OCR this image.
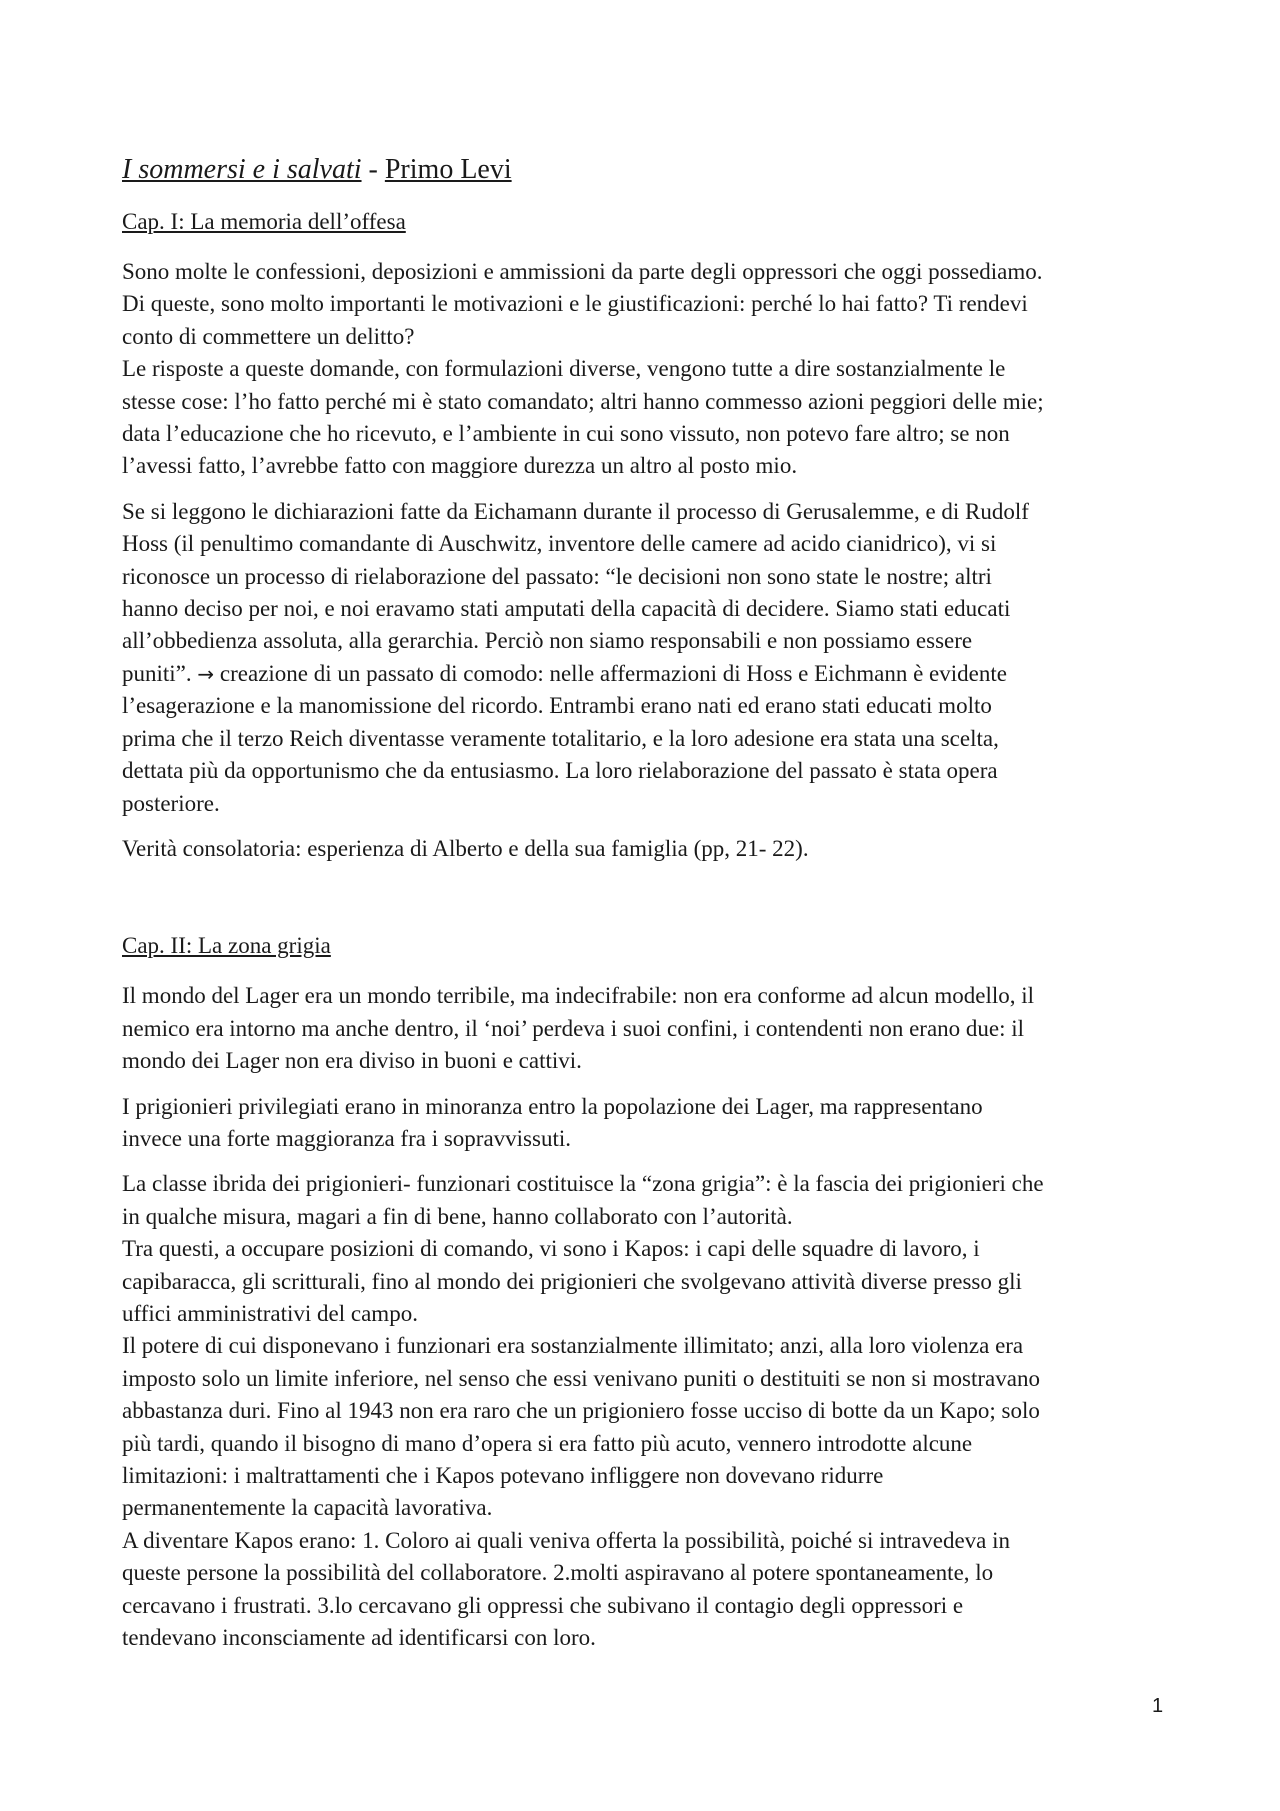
I sommersi e i salvati - Primo Levi
Cap. I: La memoria dell’offesa

Sono molte le confessioni, deposizioni e ammissioni da parte degli oppressori che oggi possediamo.
Di queste, sono molto importanti le motivazioni e le giustificazioni: perché lo hai fatto? Ti rendevi
conto di commettere un delitto?
Le risposte a queste domande, con formulazioni diverse, vengono tutte a dire sostanzialmente le
stesse cose: l’ho fatto perché mi è stato comandato; altri hanno commesso azioni peggiori delle mie;
data l’educazione che ho ricevuto, e l’ambiente in cui sono vissuto, non potevo fare altro; se non
l’avessi fatto, l’avrebbe fatto con maggiore durezza un altro al posto mio.

Se si leggono le dichiarazioni fatte da Eichamann durante il processo di Gerusalemme, e di Rudolf
Hoss (il penultimo comandante di Auschwitz, inventore delle camere ad acido cianidrico), vi si
riconosce un processo di rielaborazione del passato: “le decisioni non sono state le nostre; altri
hanno deciso per noi, e noi eravamo stati amputati della capacità di decidere. Siamo stati educati
all’obbedienza assoluta, alla gerarchia. Perciò non siamo responsabili e non possiamo essere
puniti”. → creazione di un passato di comodo: nelle affermazioni di Hoss e Eichmann è evidente
l’esagerazione e la manomissione del ricordo. Entrambi erano nati ed erano stati educati molto
prima che il terzo Reich diventasse veramente totalitario, e la loro adesione era stata una scelta,
dettata più da opportunismo che da entusiasmo. La loro rielaborazione del passato è stata opera
posteriore.

Verità consolatoria: esperienza di Alberto e della sua famiglia (pp, 21- 22).

Cap. II: La zona grigia

Il mondo del Lager era un mondo terribile, ma indecifrabile: non era conforme ad alcun modello, il
nemico era intorno ma anche dentro, il ‘noi’ perdeva i suoi confini, i contendenti non erano due: il
mondo dei Lager non era diviso in buoni e cattivi.

I prigionieri privilegiati erano in minoranza entro la popolazione dei Lager, ma rappresentano
invece una forte maggioranza fra i sopravvissuti.

La classe ibrida dei prigionieri- funzionari costituisce la “zona grigia”: è la fascia dei prigionieri che
in qualche misura, magari a fin di bene, hanno collaborato con l’autorità.
Tra questi, a occupare posizioni di comando, vi sono i Kapos: i capi delle squadre di lavoro, i
capibaracca, gli scritturali, fino al mondo dei prigionieri che svolgevano attività diverse presso gli
uffici amministrativi del campo.
Il potere di cui disponevano i funzionari era sostanzialmente illimitato; anzi, alla loro violenza era
imposto solo un limite inferiore, nel senso che essi venivano puniti o destituiti se non si mostravano
abbastanza duri. Fino al 1943 non era raro che un prigioniero fosse ucciso di botte da un Kapo; solo
più tardi, quando il bisogno di mano d’opera si era fatto più acuto, vennero introdotte alcune
limitazioni: i maltrattamenti che i Kapos potevano infliggere non dovevano ridurre
permanentemente la capacità lavorativa.
A diventare Kapos erano: 1. Coloro ai quali veniva offerta la possibilità, poiché si intravedeva in
queste persone la possibilità del collaboratore. 2.molti aspiravano al potere spontaneamente, lo
cercavano i frustrati. 3.lo cercavano gli oppressi che subivano il contagio degli oppressori e
tendevano inconsciamente ad identificarsi con loro.

1
